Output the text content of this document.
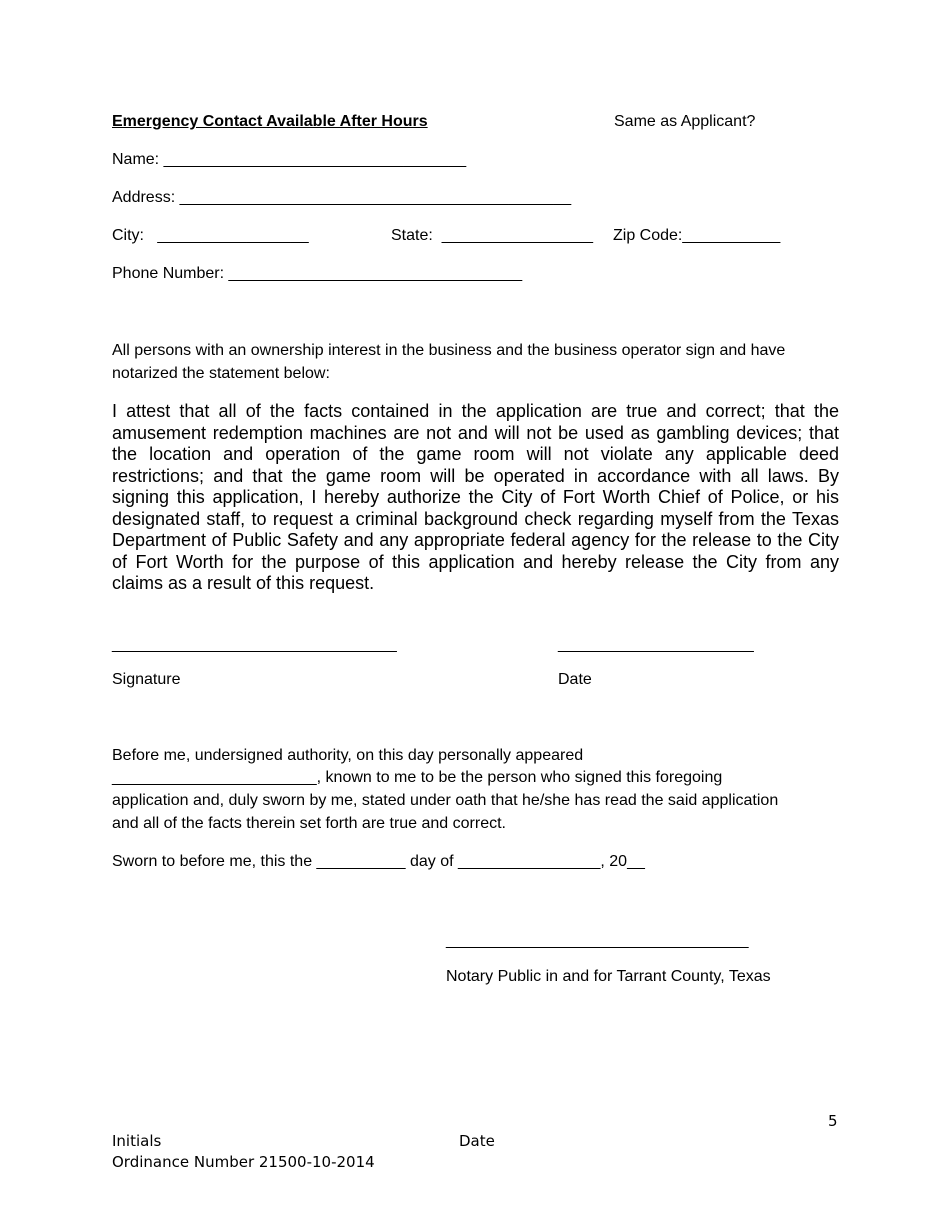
Emergency Contact Available After Hours	Same as Applicant?
Name: __________________________________
Address: ____________________________________________
City:   _________________	State:  _________________ Zip Code:___________
Phone Number: _________________________________
All persons with an ownership interest in the business and the business operator sign and have notarized the statement below:
I attest that all of the facts contained in the application are true and correct; that the amusement redemption machines are not and will not be used as gambling devices; that the location and operation of the game room will not violate any applicable deed restrictions; and that the game room will be operated in accordance with all laws. By signing this application, I hereby authorize the City of Fort Worth Chief of Police, or his designated staff, to request a criminal background check regarding myself from the Texas Department of Public Safety and any appropriate federal agency for the release to the City of Fort Worth for the purpose of this application and hereby release the City from any claims as a result of this request.
________________________________	______________________
Signature	Date
Before me, undersigned authority, on this day personally appeared
_______________________, known to me to be the person who signed this foregoing
application and, duly sworn by me, stated under oath that he/she has read the said application
and all of the facts therein set forth are true and correct.
Sworn to before me, this the __________ day of ________________, 20__
__________________________________
Notary Public in and for Tarrant County, Texas
5
Initials	Date
Ordinance Number 21500-10-2014
